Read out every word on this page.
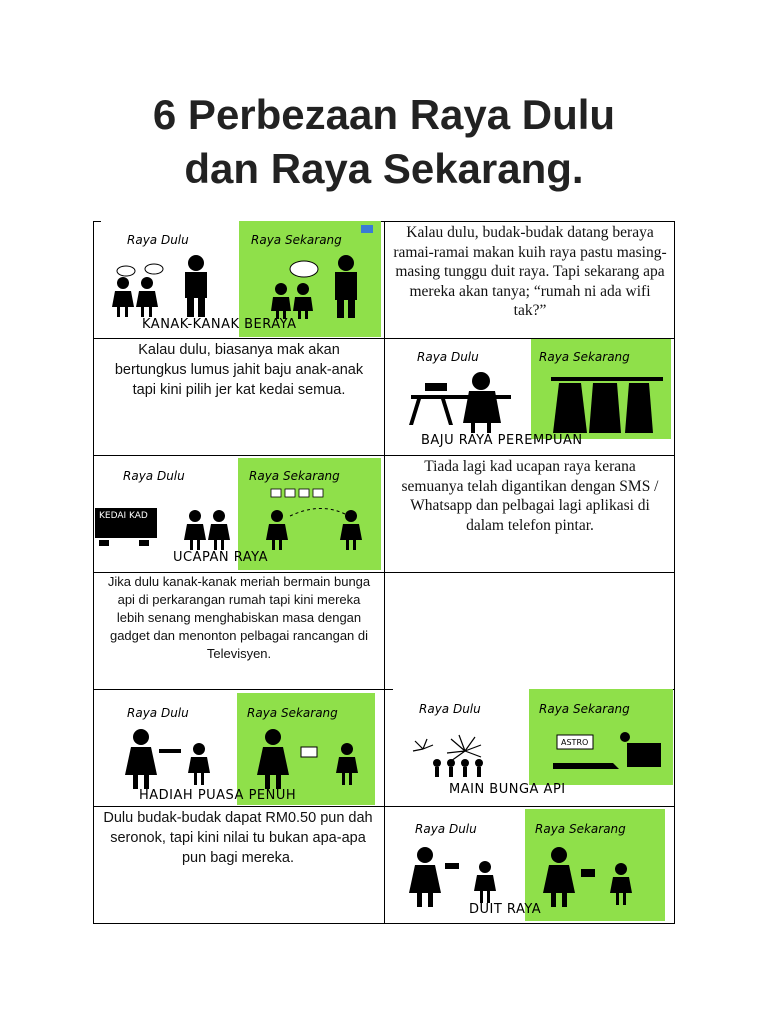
6 Perbezaan Raya Dulu
dan Raya Sekarang.
Raya Dulu	Raya Sekarang
KANAK-KANAK BERAYA
Kalau dulu, budak-budak datang beraya ramai-ramai makan kuih raya pastu masing-masing tunggu duit raya. Tapi sekarang apa mereka akan tanya; “rumah ni ada wifi tak?”
Kalau dulu, biasanya mak akan bertungkus lumus jahit baju anak-anak tapi kini pilih jer kat kedai semua.
Raya Dulu	Raya Sekarang
BAJU RAYA PEREMPUAN
Raya Dulu	Raya Sekarang
KEDAI KAD
UCAPAN RAYA
Tiada lagi kad ucapan raya kerana semuanya telah digantikan dengan SMS / Whatsapp dan pelbagai lagi aplikasi di dalam telefon pintar.
Jika dulu kanak-kanak meriah bermain bunga api di perkarangan rumah tapi kini mereka lebih senang menghabiskan masa dengan gadget dan menonton pelbagai rancangan di Televisyen.
Raya Dulu	Raya Sekarang
HADIAH PUASA PENUH
Raya Dulu	Raya Sekarang
ASTRO
MAIN BUNGA API
Dulu budak-budak dapat RM0.50 pun dah seronok, tapi kini nilai tu bukan apa-apa pun bagi mereka.
Raya Dulu	Raya Sekarang
DUIT RAYA
